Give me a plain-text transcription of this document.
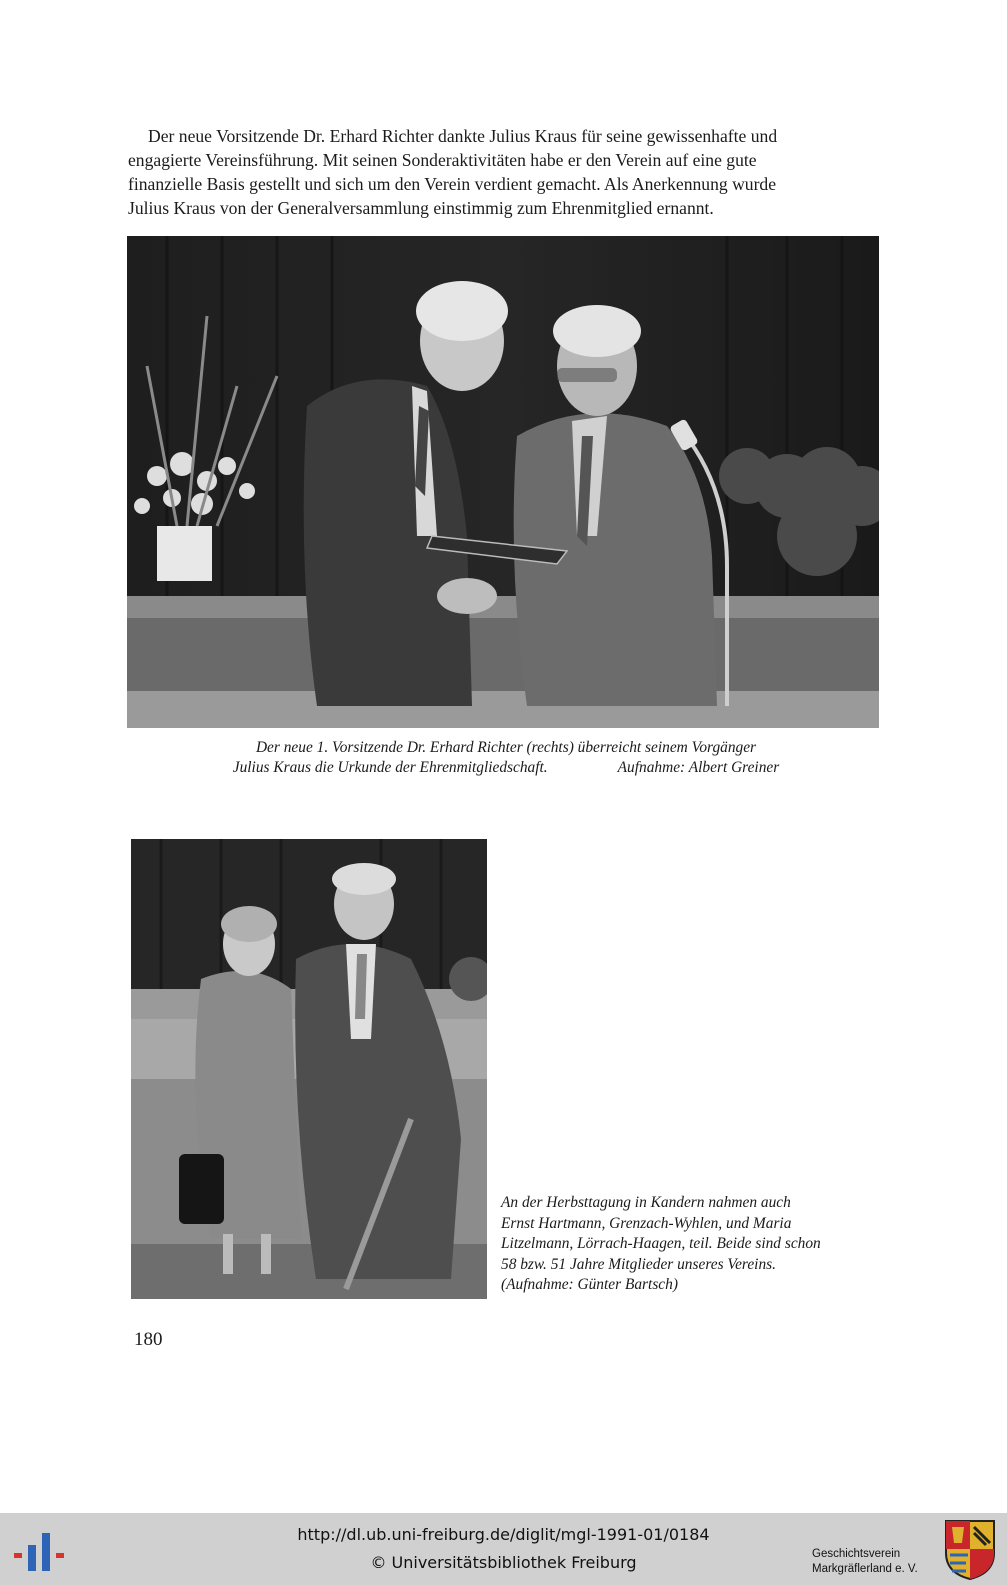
Der neue Vorsitzende Dr. Erhard Richter dankte Julius Kraus für seine gewissenhafte und
engagierte Vereinsführung. Mit seinen Sonderaktivitäten habe er den Verein auf eine gute
finanzielle Basis gestellt und sich um den Verein verdient gemacht. Als Anerkennung wurde
Julius Kraus von der Generalversammlung einstimmig zum Ehrenmitglied ernannt.
Der neue 1. Vorsitzende Dr. Erhard Richter (rechts) überreicht seinem Vorgänger
Julius Kraus die Urkunde der Ehrenmitgliedschaft.	Aufnahme: Albert Greiner
An der Herbsttagung in Kandern nahmen auch
Ernst Hartmann, Grenzach-Wyhlen, und Maria
Litzelmann, Lörrach-Haagen, teil. Beide sind schon
58 bzw. 51 Jahre Mitglieder unseres Vereins.
(Aufnahme: Günter Bartsch)
180
http://dl.ub.uni-freiburg.de/diglit/mgl-1991-01/0184
© Universitätsbibliothek Freiburg	Geschichtsverein
Markgräflerland e. V.
